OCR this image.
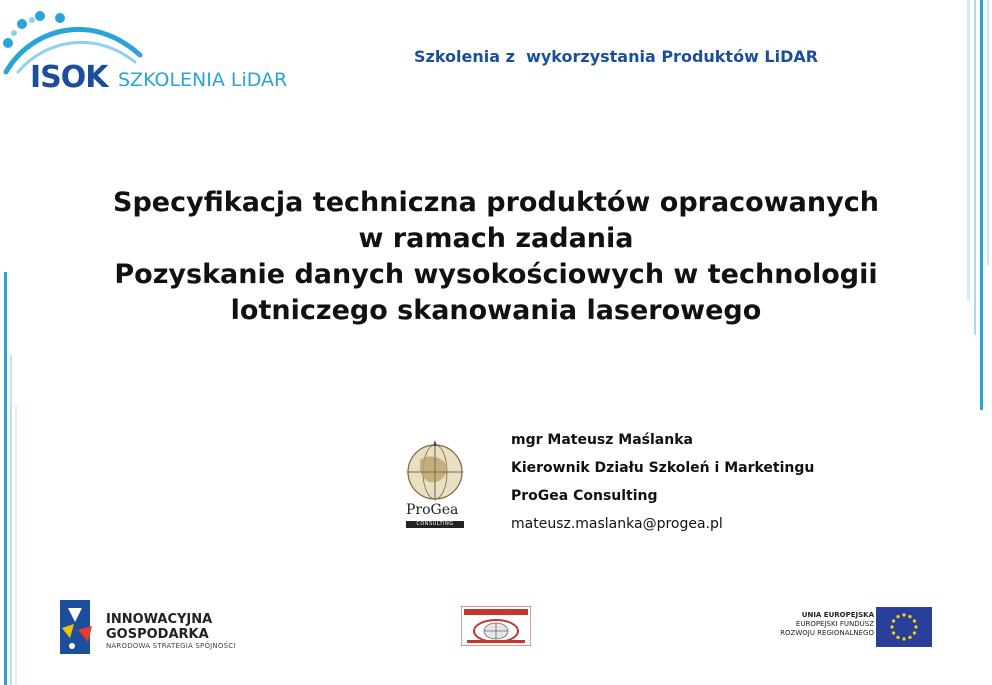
ISOK SZKOLENIA LiDAR
Szkolenia z  wykorzystania Produktów LiDAR
Specyfikacja techniczna produktów opracowanych
w ramach zadania
Pozyskanie danych wysokościowych w technologii
lotniczego skanowania laserowego
ProGea
CONSULTING
mgr Mateusz Maślanka
Kierownik Działu Szkoleń i Marketingu
ProGea Consulting
mateusz.maslanka@progea.pl
INNOWACYJNA
GOSPODARKA
NARODOWA STRATEGIA SPÓJNOŚCI
UNIA EUROPEJSKA
EUROPEJSKI FUNDUSZ
ROZWOJU REGIONALNEGO
